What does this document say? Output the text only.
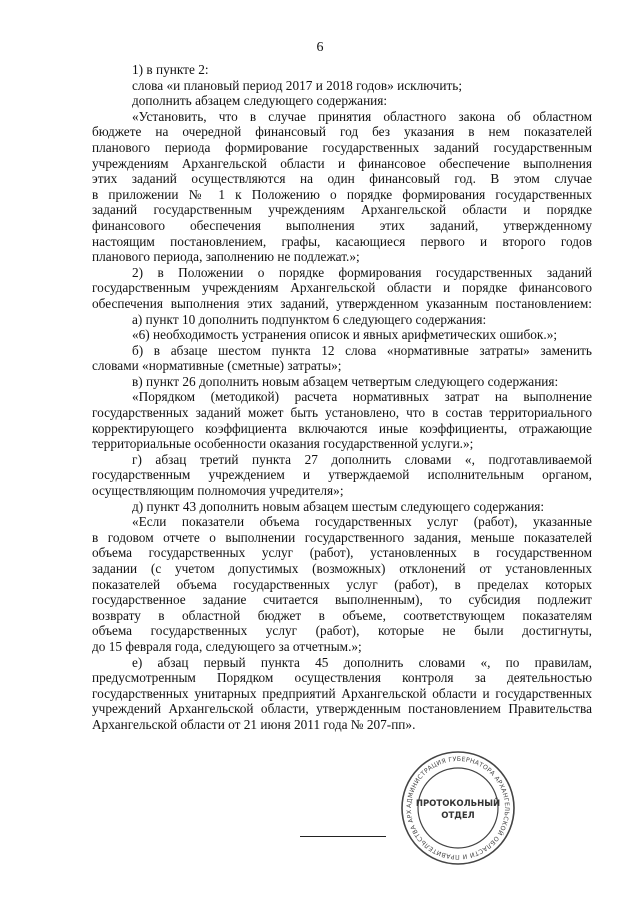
6
1) в пункте 2:
слова «и плановый период 2017 и 2018 годов» исключить;
дополнить абзацем следующего содержания:
«Установить, что в случае принятия областного закона об областном
бюджете на очередной финансовый год без указания в нем показателей
планового периода формирование государственных заданий государственным
учреждениям Архангельской области и финансовое обеспечение выполнения
этих заданий осуществляются на один финансовый год. В этом случае
в приложении № 1 к Положению о порядке формирования государственных
заданий государственным учреждениям Архангельской области и порядке
финансового обеспечения выполнения этих заданий, утвержденному
настоящим постановлением, графы, касающиеся первого и второго годов
планового периода, заполнению не подлежат.»;
2) в Положении о порядке формирования государственных заданий
государственным учреждениям Архангельской области и порядке финансового
обеспечения выполнения этих заданий, утвержденном указанным постановлением:
а) пункт 10 дополнить подпунктом 6 следующего содержания:
«6) необходимость устранения описок и явных арифметических ошибок.»;
б) в абзаце шестом пункта 12 слова «нормативные затраты» заменить
словами «нормативные (сметные) затраты»;
в) пункт 26 дополнить новым абзацем четвертым следующего содержания:
«Порядком (методикой) расчета нормативных затрат на выполнение
государственных заданий может быть установлено, что в состав территориального
корректирующего коэффициента включаются иные коэффициенты, отражающие
территориальные особенности оказания государственной услуги.»;
г) абзац третий пункта 27 дополнить словами «, подготавливаемой
государственным учреждением и утверждаемой исполнительным органом,
осуществляющим полномочия учредителя»;
д) пункт 43 дополнить новым абзацем шестым следующего содержания:
«Если показатели объема государственных услуг (работ), указанные
в годовом отчете о выполнении государственного задания, меньше показателей
объема государственных услуг (работ), установленных в государственном
задании (с учетом допустимых (возможных) отклонений от установленных
показателей объема государственных услуг (работ), в пределах которых
государственное задание считается выполненным), то субсидия подлежит
возврату в областной бюджет в объеме, соответствующем показателям
объема государственных услуг (работ), которые не были достигнуты,
до 15 февраля года, следующего за отчетным.»;
е) абзац первый пункта 45 дополнить словами «, по правилам,
предусмотренным Порядком осуществления контроля за деятельностью
государственных унитарных предприятий Архангельской области и государственных
учреждений Архангельской области, утвержденным постановлением Правительства
Архангельской области от 21 июня 2011 года № 207-пп».
АДМИНИСТРАЦИЯ ГУБЕРНАТОРА АРХАНГЕЛЬСКОЙ ОБЛАСТИ И ПРАВИТЕЛЬСТВА АРХ
ПРОТОКОЛЬНЫЙ
ОТДЕЛ
